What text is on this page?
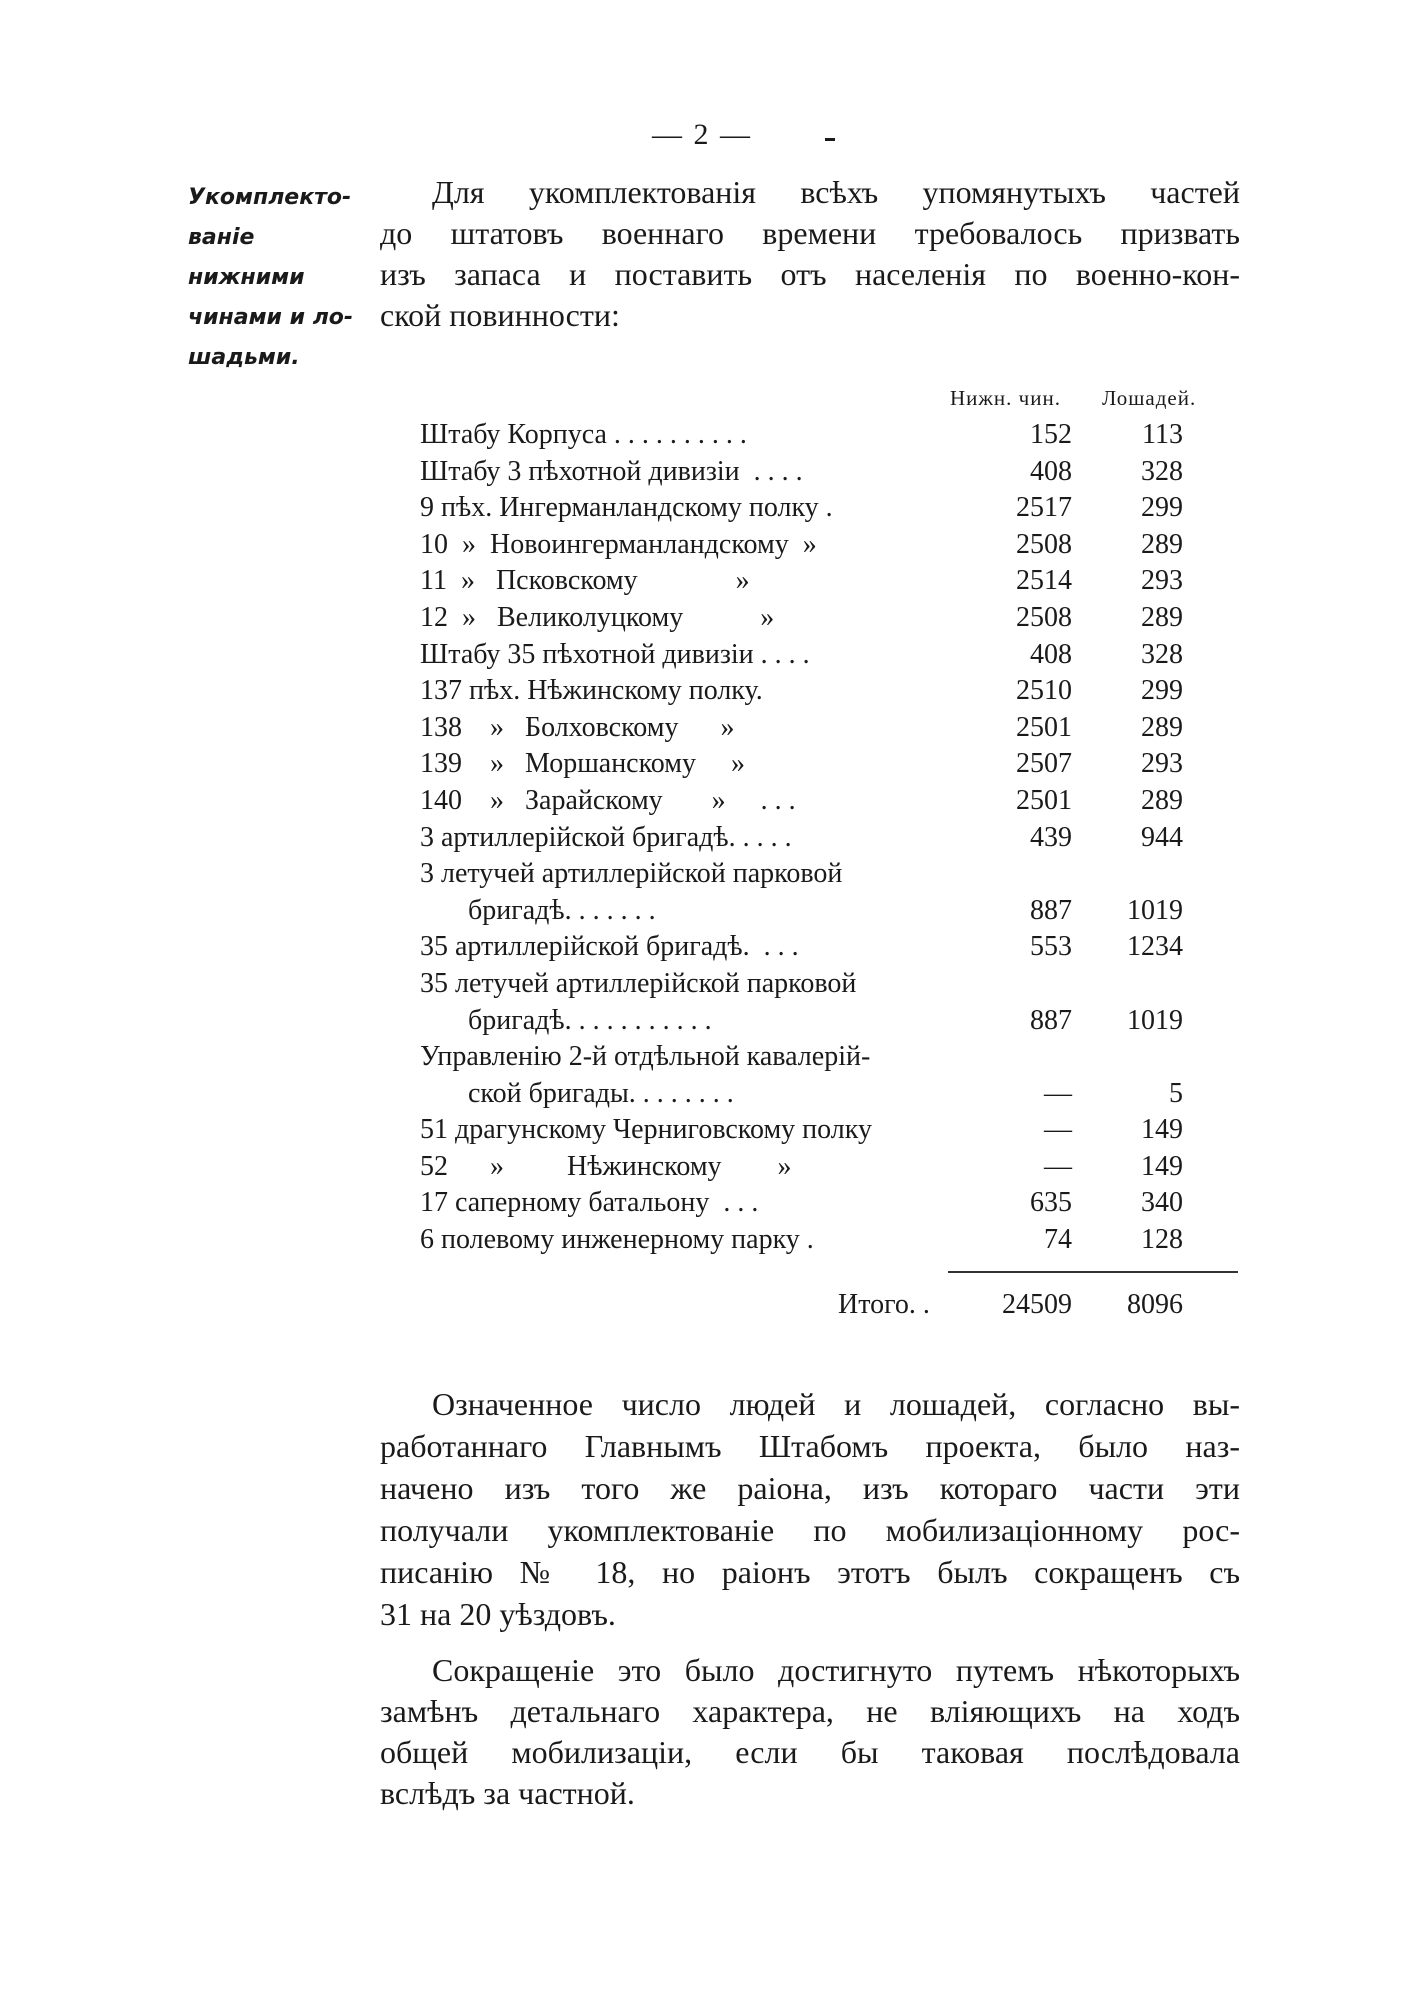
— 2 —
Укомплекто-
ваніе нижними
чинами и ло-
шадьми.
Для укомплектованія всѣхъ упомянутыхъ частей
до штатовъ военнаго времени требовалось призвать
изъ запаса и поставить отъ населенія по военно-кон-
ской повинности:
Нижн. чин. Лошадей.
Штабу Корпуса . . . . . . . . . .	152	113
Штабу 3 пѣхотной дивизіи  . . . .	408	328
9 пѣх. Ингерманландскому полку .	2517	299
10  »  Новоингерманландскому  »	2508	289
11  »   Псковскому              »	2514	293
12  »   Великолуцкому           »	2508	289
Штабу 35 пѣхотной дивизіи . . . .	408	328
137 пѣх. Нѣжинскому полку.	2510	299
138    »   Болховскому      »	2501	289
139    »   Моршанскому     »	2507	293
140    »   Зарайскому       »     . . .	2501	289
3 артиллерійской бригадѣ. . . . .	439	944
3 летучей артиллерійской парковой
бригадѣ. . . . . . .	887	1019
35 артиллерійской бригадѣ.  . . .	553	1234
35 летучей артиллерійской парковой
бригадѣ. . . . . . . . . . .	887	1019
Управленію 2-й отдѣльной кавалерій-
ской бригады. . . . . . . .	—	5
51 драгунскому Черниговскому полку	—	149
52      »         Нѣжинскому        »	—	149
17 саперному батальону  . . .	635	340
6 полевому инженерному парку .	74	128
Итого. .	24509	8096
Означенное число людей и лошадей, согласно вы-
работаннаго Главнымъ Штабомъ проекта, было наз-
начено изъ того же раіона, изъ котораго части эти
получали укомплектованіе по мобилизаціонному рос-
писанію № 18, но раіонъ этотъ былъ сокращенъ съ
31 на 20 уѣздовъ.
Сокращеніе это было достигнуто путемъ нѣкоторыхъ
замѣнъ детальнаго характера, не вліяющихъ на ходъ
общей мобилизаціи, если бы таковая послѣдовала
вслѣдъ за частной.
